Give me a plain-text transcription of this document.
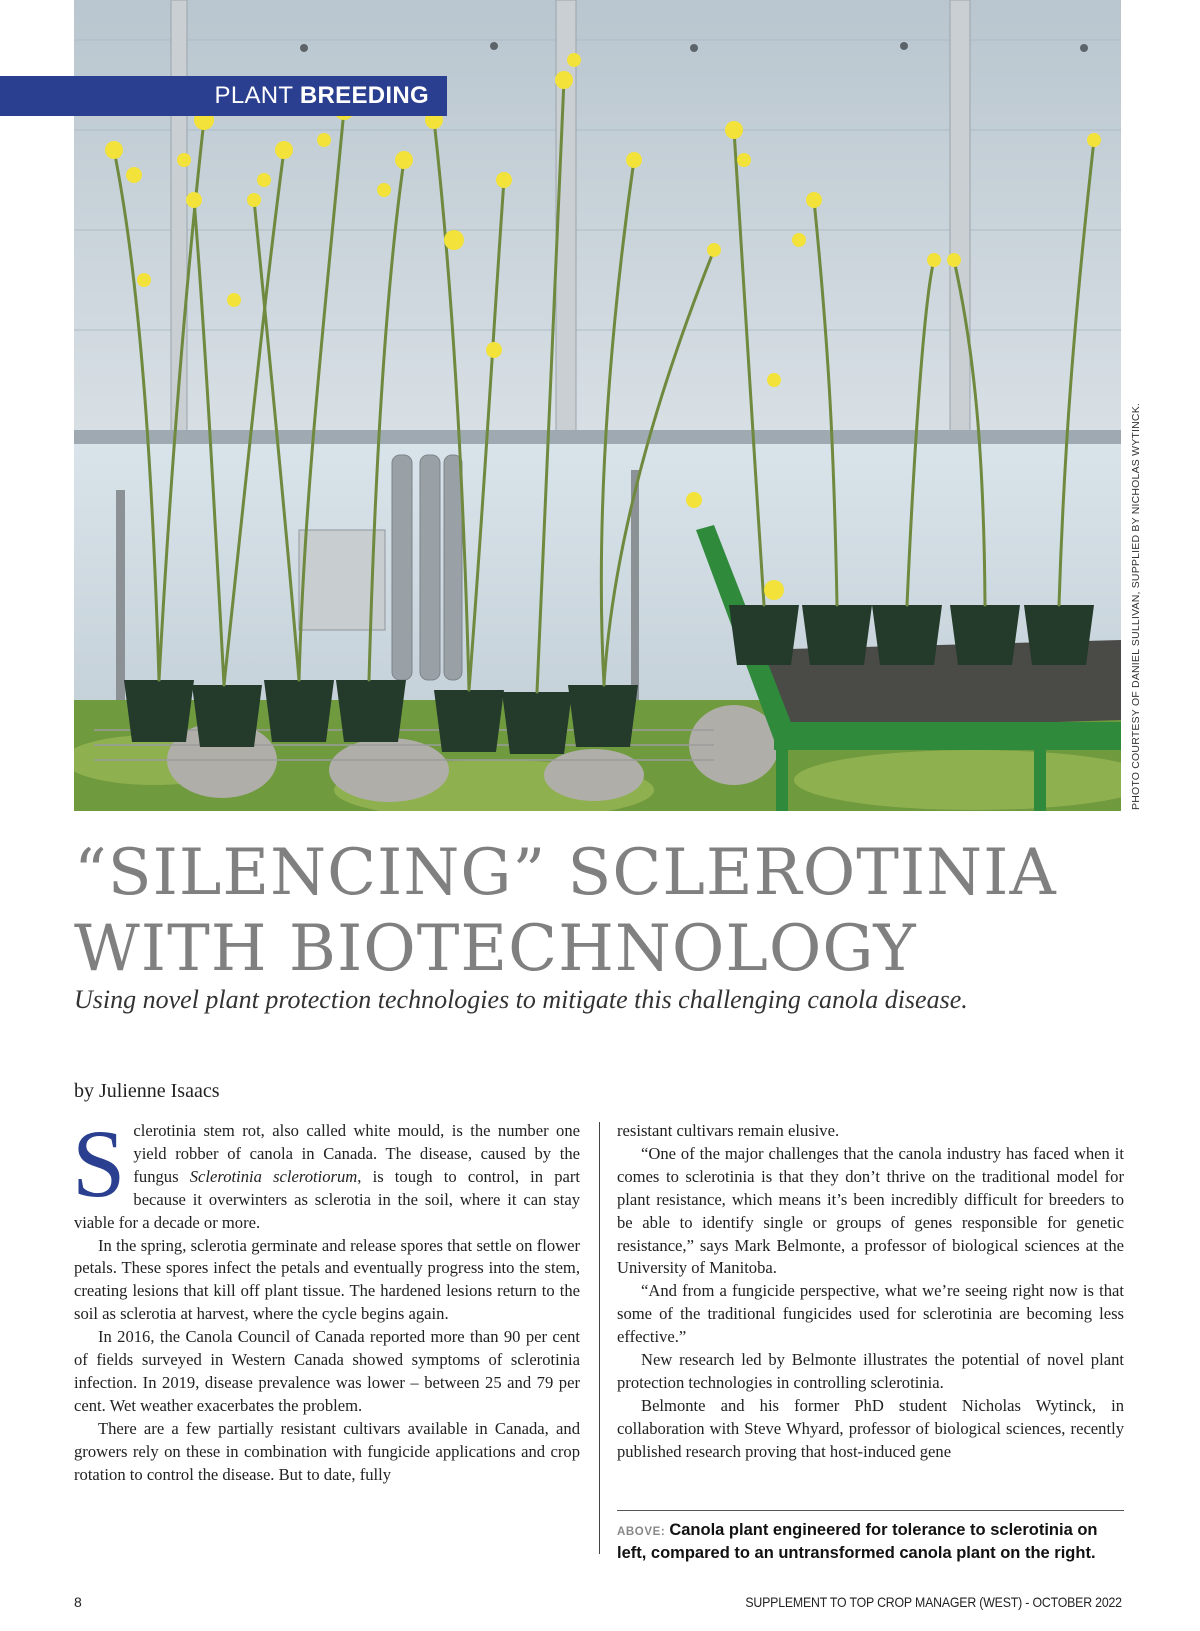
PLANT BREEDING
PHOTO COURTESY OF DANIEL SULLIVAN, SUPPLIED BY NICHOLAS WYTINCK.
“SILENCING” SCLEROTINIA
WITH BIOTECHNOLOGY
Using novel plant protection technologies to mitigate this challenging canola disease.
by Julienne Isaacs

Sclerotinia stem rot, also called white mould, is the number one yield robber of canola in Canada. The disease, caused by the fungus Sclerotinia sclerotiorum, is tough to control, in part because it overwinters as sclerotia in the soil, where it can stay viable for a decade or more.

In the spring, sclerotia germinate and release spores that settle on flower petals. These spores infect the petals and eventually progress into the stem, creating lesions that kill off plant tissue. The hardened lesions return to the soil as sclerotia at harvest, where the cycle begins again.

In 2016, the Canola Council of Canada reported more than 90 per cent of fields surveyed in Western Canada showed symptoms of sclerotinia infection. In 2019, disease prevalence was lower – between 25 and 79 per cent. Wet weather exacerbates the problem.

There are a few partially resistant cultivars available in Canada, and growers rely on these in combination with fungicide applications and crop rotation to control the disease. But to date, fully

resistant cultivars remain elusive.

“One of the major challenges that the canola industry has faced when it comes to sclerotinia is that they don’t thrive on the traditional model for plant resistance, which means it’s been incredibly difficult for breeders to be able to identify single or groups of genes responsible for genetic resistance,” says Mark Belmonte, a professor of biological sciences at the University of Manitoba.

“And from a fungicide perspective, what we’re seeing right now is that some of the traditional fungicides used for sclerotinia are becoming less effective.”

New research led by Belmonte illustrates the potential of novel plant protection technologies in controlling sclerotinia.

Belmonte and his former PhD student Nicholas Wytinck, in collaboration with Steve Whyard, professor of biological sciences, recently published research proving that host-induced gene

ABOVE: Canola plant engineered for tolerance to sclerotinia on left, compared to an untransformed canola plant on the right.
8	SUPPLEMENT TO TOP CROP MANAGER (WEST) - OCTOBER 2022
